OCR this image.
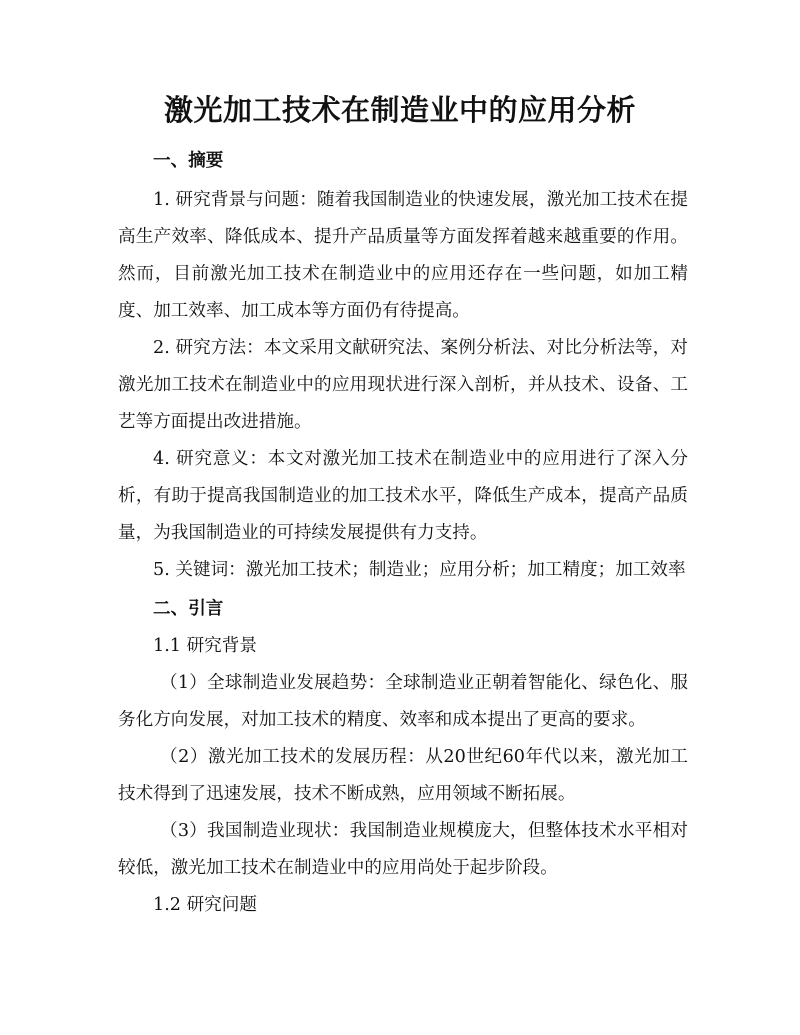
激光加工技术在制造业中的应用分析

一、摘要

1. 研究背景与问题：随着我国制造业的快速发展，激光加工技术在提高生产效率、降低成本、提升产品质量等方面发挥着越来越重要的作用。然而，目前激光加工技术在制造业中的应用还存在一些问题，如加工精度、加工效率、加工成本等方面仍有待提高。

2. 研究方法：本文采用文献研究法、案例分析法、对比分析法等，对激光加工技术在制造业中的应用现状进行深入剖析，并从技术、设备、工艺等方面提出改进措施。

4. 研究意义：本文对激光加工技术在制造业中的应用进行了深入分析，有助于提高我国制造业的加工技术水平，降低生产成本，提高产品质量，为我国制造业的可持续发展提供有力支持。

5. 关键词：激光加工技术；制造业；应用分析；加工精度；加工效率

二、引言

1.1 研究背景

（1）全球制造业发展趋势：全球制造业正朝着智能化、绿色化、服务化方向发展，对加工技术的精度、效率和成本提出了更高的要求。

（2）激光加工技术的发展历程：从20世纪60年代以来，激光加工技术得到了迅速发展，技术不断成熟，应用领域不断拓展。

（3）我国制造业现状：我国制造业规模庞大，但整体技术水平相对较低，激光加工技术在制造业中的应用尚处于起步阶段。

1.2 研究问题
